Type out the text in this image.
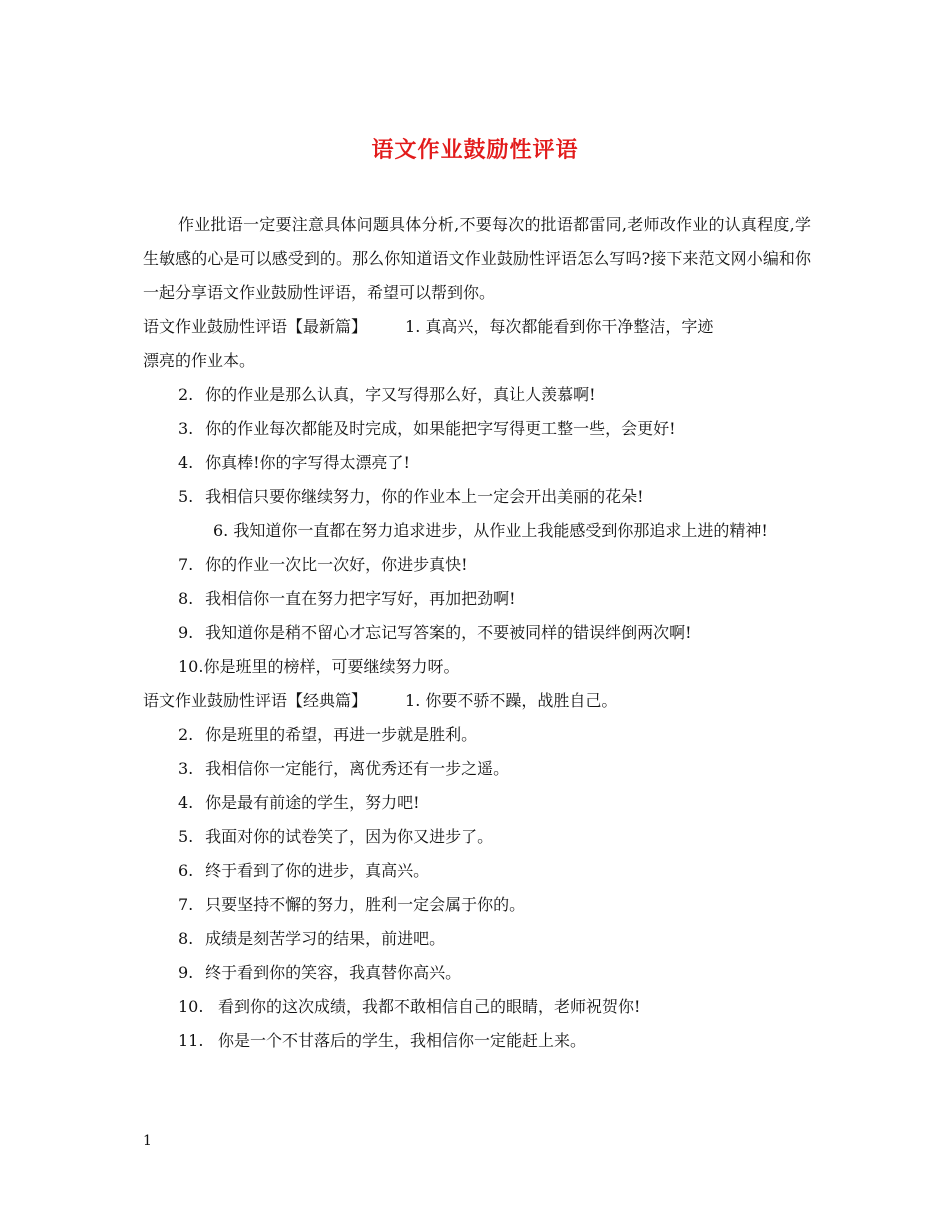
语文作业鼓励性评语

作业批语一定要注意具体问题具体分析,不要每次的批语都雷同,老师改作业的认真程度,学生敏感的心是可以感受到的。那么你知道语文作业鼓励性评语怎么写吗?接下来范文网小编和你一起分享语文作业鼓励性评语，希望可以帮到你。

语文作业鼓励性评语【最新篇】 1. 真高兴，每次都能看到你干净整洁，字迹

漂亮的作业本。

2. 你的作业是那么认真，字又写得那么好，真让人羡慕啊!

3. 你的作业每次都能及时完成，如果能把字写得更工整一些，会更好!

4. 你真棒!你的字写得太漂亮了!

5. 我相信只要你继续努力，你的作业本上一定会开出美丽的花朵!

6. 我知道你一直都在努力追求进步，从作业上我能感受到你那追求上进的精神!

7. 你的作业一次比一次好，你进步真快!

8. 我相信你一直在努力把字写好，再加把劲啊!

9. 我知道你是稍不留心才忘记写答案的，不要被同样的错误绊倒两次啊!

10.你是班里的榜样，可要继续努力呀。

语文作业鼓励性评语【经典篇】 1. 你要不骄不躁，战胜自己。

2. 你是班里的希望，再进一步就是胜利。

3. 我相信你一定能行，离优秀还有一步之遥。

4. 你是最有前途的学生，努力吧!

5. 我面对你的试卷笑了，因为你又进步了。

6. 终于看到了你的进步，真高兴。

7. 只要坚持不懈的努力，胜利一定会属于你的。

8. 成绩是刻苦学习的结果，前进吧。

9. 终于看到你的笑容，我真替你高兴。

10. 看到你的这次成绩，我都不敢相信自己的眼睛，老师祝贺你!

11. 你是一个不甘落后的学生，我相信你一定能赶上来。

1
